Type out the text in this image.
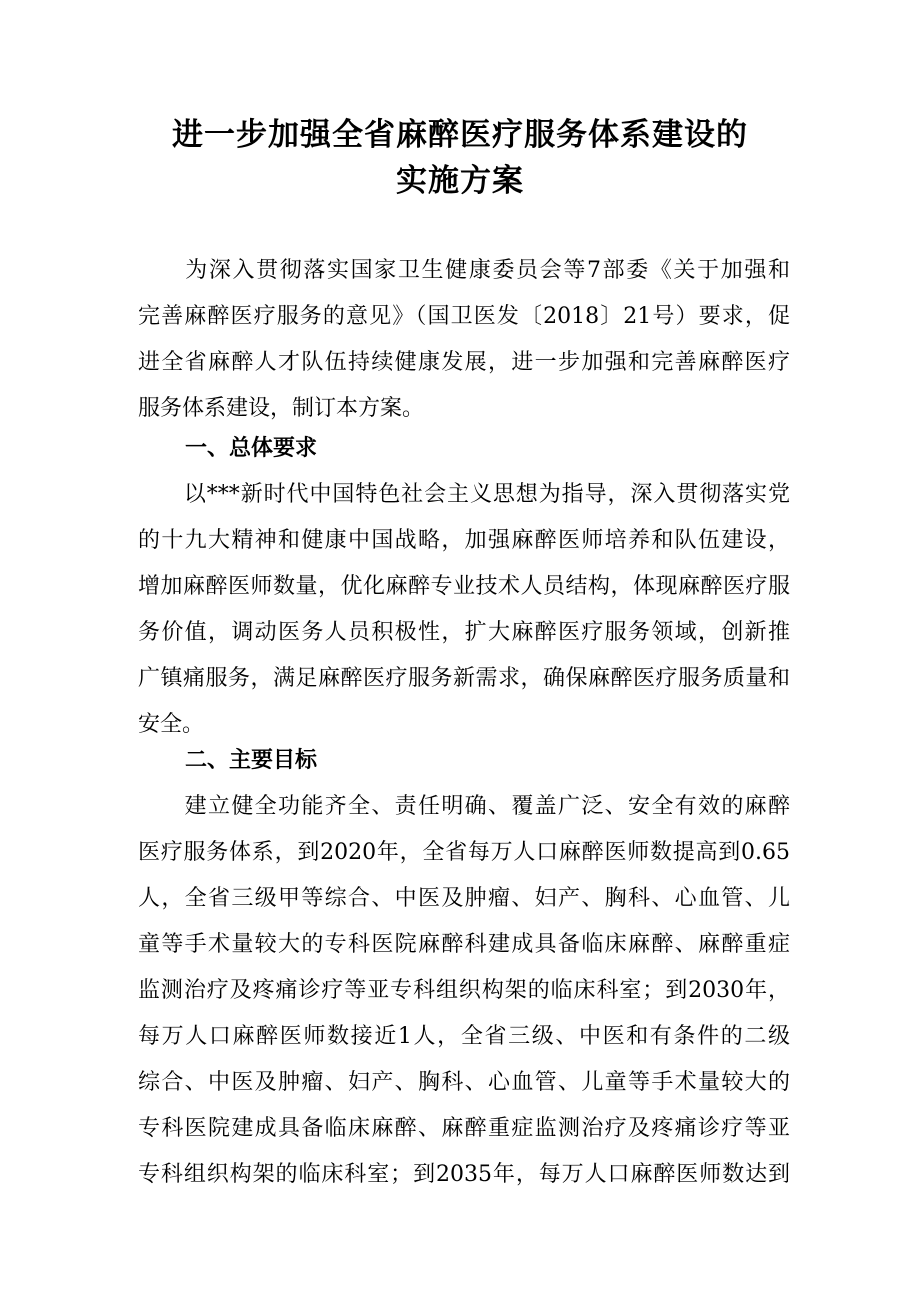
进一步加强全省麻醉医疗服务体系建设的
实施方案
　　为深入贯彻落实国家卫生健康委员会等7部委《关于加强和
完善麻醉医疗服务的意见》（国卫医发〔2018〕21号）要求，促
进全省麻醉人才队伍持续健康发展，进一步加强和完善麻醉医疗
服务体系建设，制订本方案。
一、总体要求
　　以***新时代中国特色社会主义思想为指导，深入贯彻落实党
的十九大精神和健康中国战略，加强麻醉医师培养和队伍建设，
增加麻醉医师数量，优化麻醉专业技术人员结构，体现麻醉医疗服
务价值，调动医务人员积极性，扩大麻醉医疗服务领域，创新推
广镇痛服务，满足麻醉医疗服务新需求，确保麻醉医疗服务质量和
安全。
二、主要目标
　　建立健全功能齐全、责任明确、覆盖广泛、安全有效的麻醉
医疗服务体系，到2020年，全省每万人口麻醉医师数提高到0.65
人，全省三级甲等综合、中医及肿瘤、妇产、胸科、心血管、儿
童等手术量较大的专科医院麻醉科建成具备临床麻醉、麻醉重症
监测治疗及疼痛诊疗等亚专科组织构架的临床科室；到2030年，
每万人口麻醉医师数接近1人，全省三级、中医和有条件的二级
综合、中医及肿瘤、妇产、胸科、心血管、儿童等手术量较大的
专科医院建成具备临床麻醉、麻醉重症监测治疗及疼痛诊疗等亚
专科组织构架的临床科室；到2035年，每万人口麻醉医师数达到
